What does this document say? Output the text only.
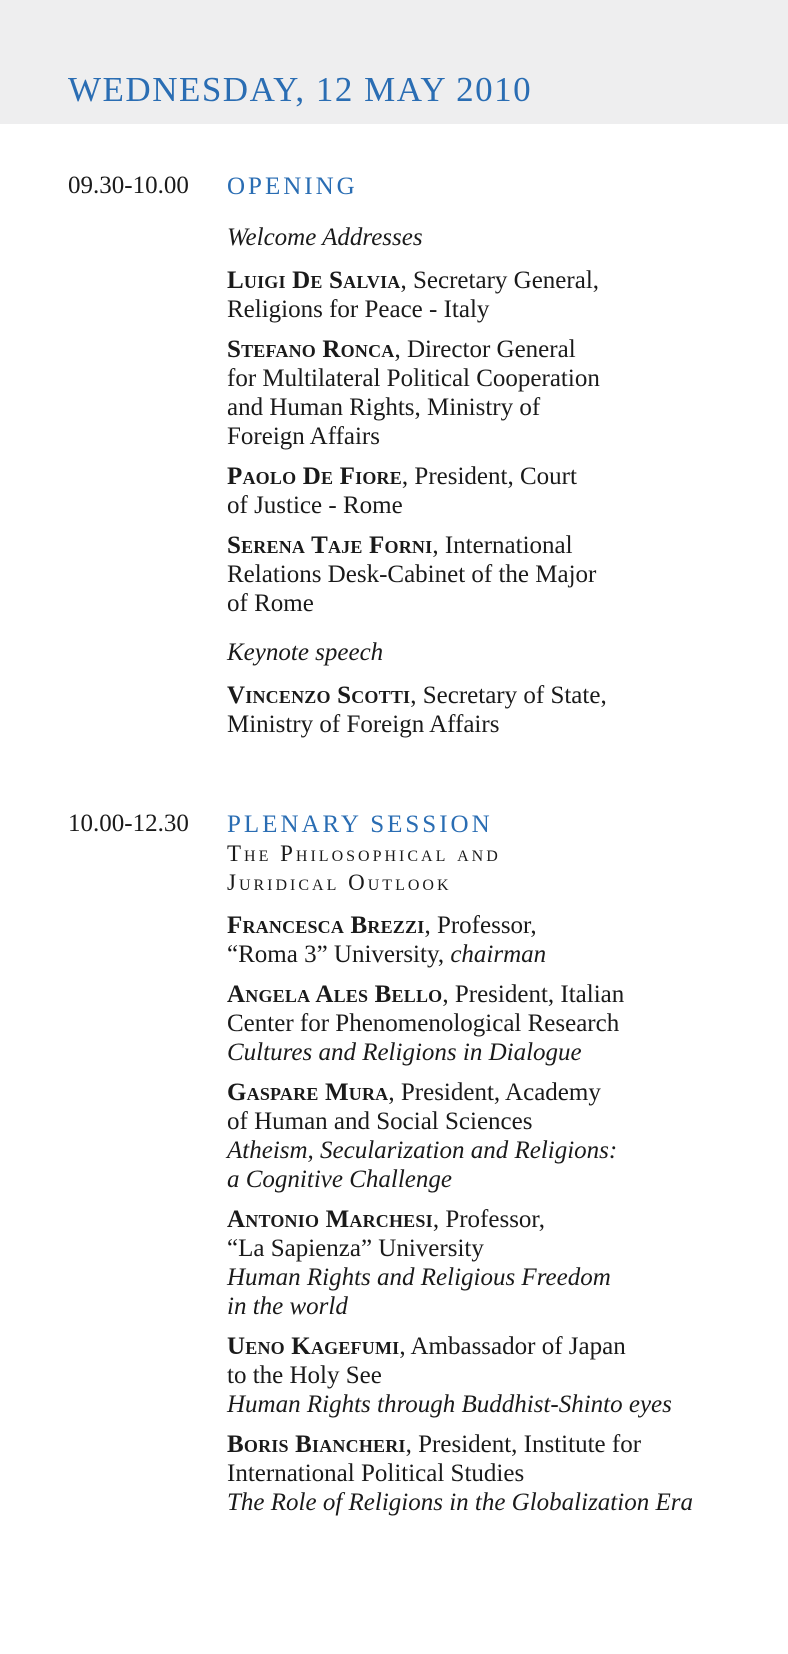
WEDNESDAY, 12 MAY 2010
09.30-10.00 OPENING
Welcome Addresses

Luigi De Salvia, Secretary General,
Religions for Peace - Italy

Stefano Ronca, Director General
for Multilateral Political Cooperation
and Human Rights, Ministry of
Foreign Affairs

Paolo De Fiore, President, Court
of Justice - Rome

Serena Taje Forni, International
Relations Desk-Cabinet of the Major
of Rome

Keynote speech

Vincenzo Scotti, Secretary of State,
Ministry of Foreign Affairs

10.00-12.30 PLENARY SESSION
The Philosophical and
Juridical Outlook

Francesca Brezzi, Professor,
“Roma 3” University, chairman

Angela Ales Bello, President, Italian
Center for Phenomenological Research
Cultures and Religions in Dialogue

Gaspare Mura, President, Academy
of Human and Social Sciences
Atheism, Secularization and Religions:
a Cognitive Challenge

Antonio Marchesi, Professor,
“La Sapienza” University
Human Rights and Religious Freedom
in the world

Ueno Kagefumi, Ambassador of Japan
to the Holy See
Human Rights through Buddhist-Shinto eyes

Boris Biancheri, President, Institute for
International Political Studies
The Role of Religions in the Globalization Era
